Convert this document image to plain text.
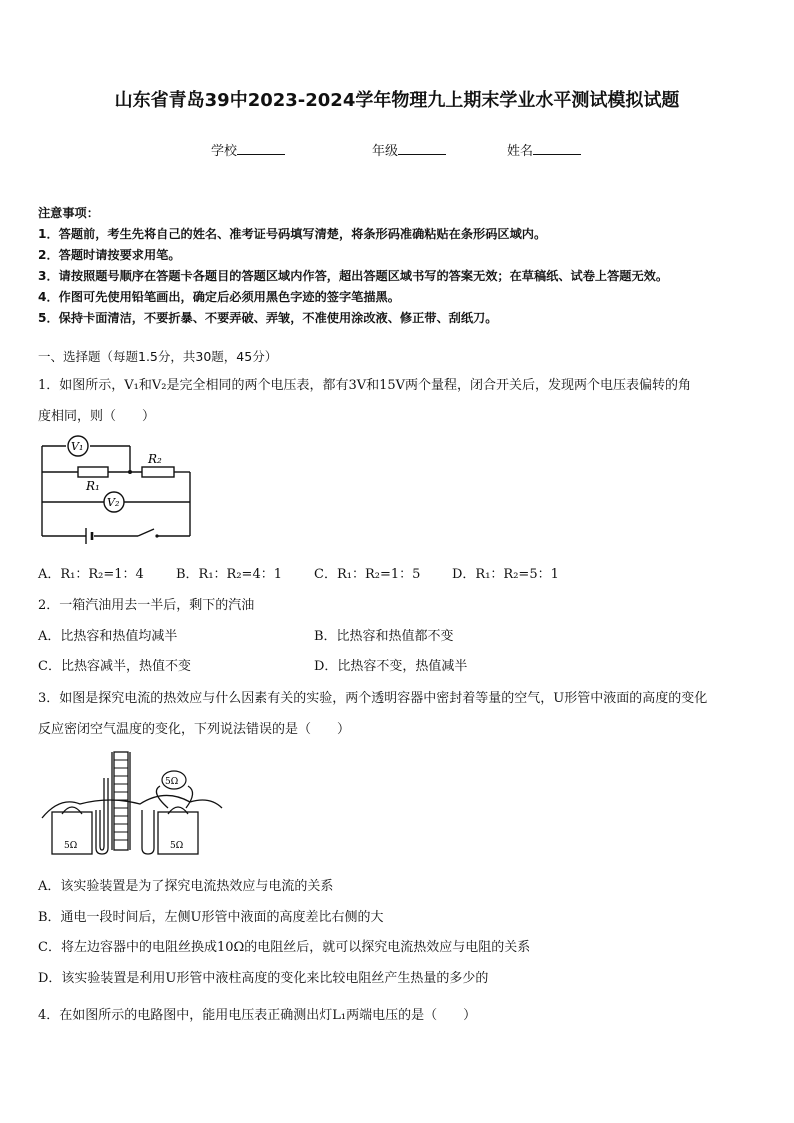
山东省青岛39中2023-2024学年物理九上期末学业水平测试模拟试题
学校	年级	姓名
注意事项：
1．答题前，考生先将自己的姓名、准考证号码填写清楚，将条形码准确粘贴在条形码区域内。
2．答题时请按要求用笔。
3．请按照题号顺序在答题卡各题目的答题区域内作答，超出答题区域书写的答案无效；在草稿纸、试卷上答题无效。
4．作图可先使用铅笔画出，确定后必须用黑色字迹的签字笔描黑。
5．保持卡面清洁，不要折暴、不要弄破、弄皱，不准使用涂改液、修正带、刮纸刀。
一、选择题（每题1.5分，共30题，45分）
1．如图所示，V₁和V₂是完全相同的两个电压表，都有3V和15V两个量程，闭合开关后，发现两个电压表偏转的角
度相同，则（　　）
V₁
V₂
R₁
R₂
A．R₁：R₂=1：4 B．R₁：R₂=4：1 C．R₁：R₂=1：5 D．R₁：R₂=5：1
2．一箱汽油用去一半后，剩下的汽油
A．比热容和热值均减半	B．比热容和热值都不变
C．比热容减半，热值不变	D．比热容不变，热值减半
3．如图是探究电流的热效应与什么因素有关的实验，两个透明容器中密封着等量的空气，U形管中液面的高度的变化
反应密闭空气温度的变化，下列说法错误的是（　　）
5Ω
5Ω	5Ω
A．该实验装置是为了探究电流热效应与电流的关系
B．通电一段时间后，左侧U形管中液面的高度差比右侧的大
C．将左边容器中的电阻丝换成10Ω的电阻丝后，就可以探究电流热效应与电阻的关系
D．该实验装置是利用U形管中液柱高度的变化来比较电阻丝产生热量的多少的
4．在如图所示的电路图中，能用电压表正确测出灯L₁两端电压的是（　　）
